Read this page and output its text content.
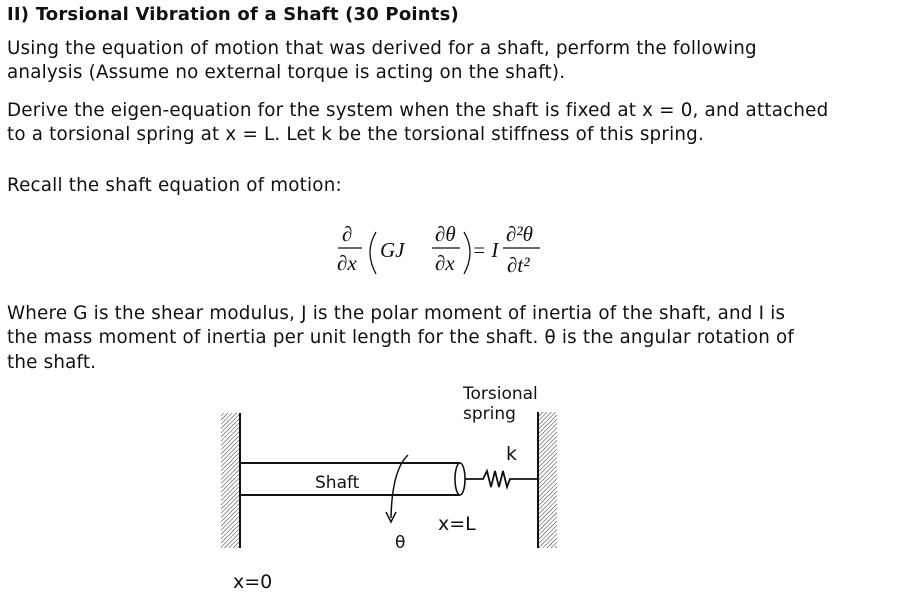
II) Torsional Vibration of a Shaft (30 Points)
Using the equation of motion that was derived for a shaft, perform the following
analysis (Assume no external torque is acting on the shaft).
Derive the eigen-equation for the system when the shaft is fixed at x = 0, and attached
to a torsional spring at x = L. Let k be the torsional stiffness of this spring.
Recall the shaft equation of motion:
Where G is the shear modulus, J is the polar moment of inertia of the shaft, and I is
the mass moment of inertia per unit length for the shaft. θ is the angular rotation of
the shaft.
∂
∂x
GJ
∂θ
∂x
= I
∂²θ
∂t²
Torsional
spring
k
Shaft
θ
x=L
x=0
